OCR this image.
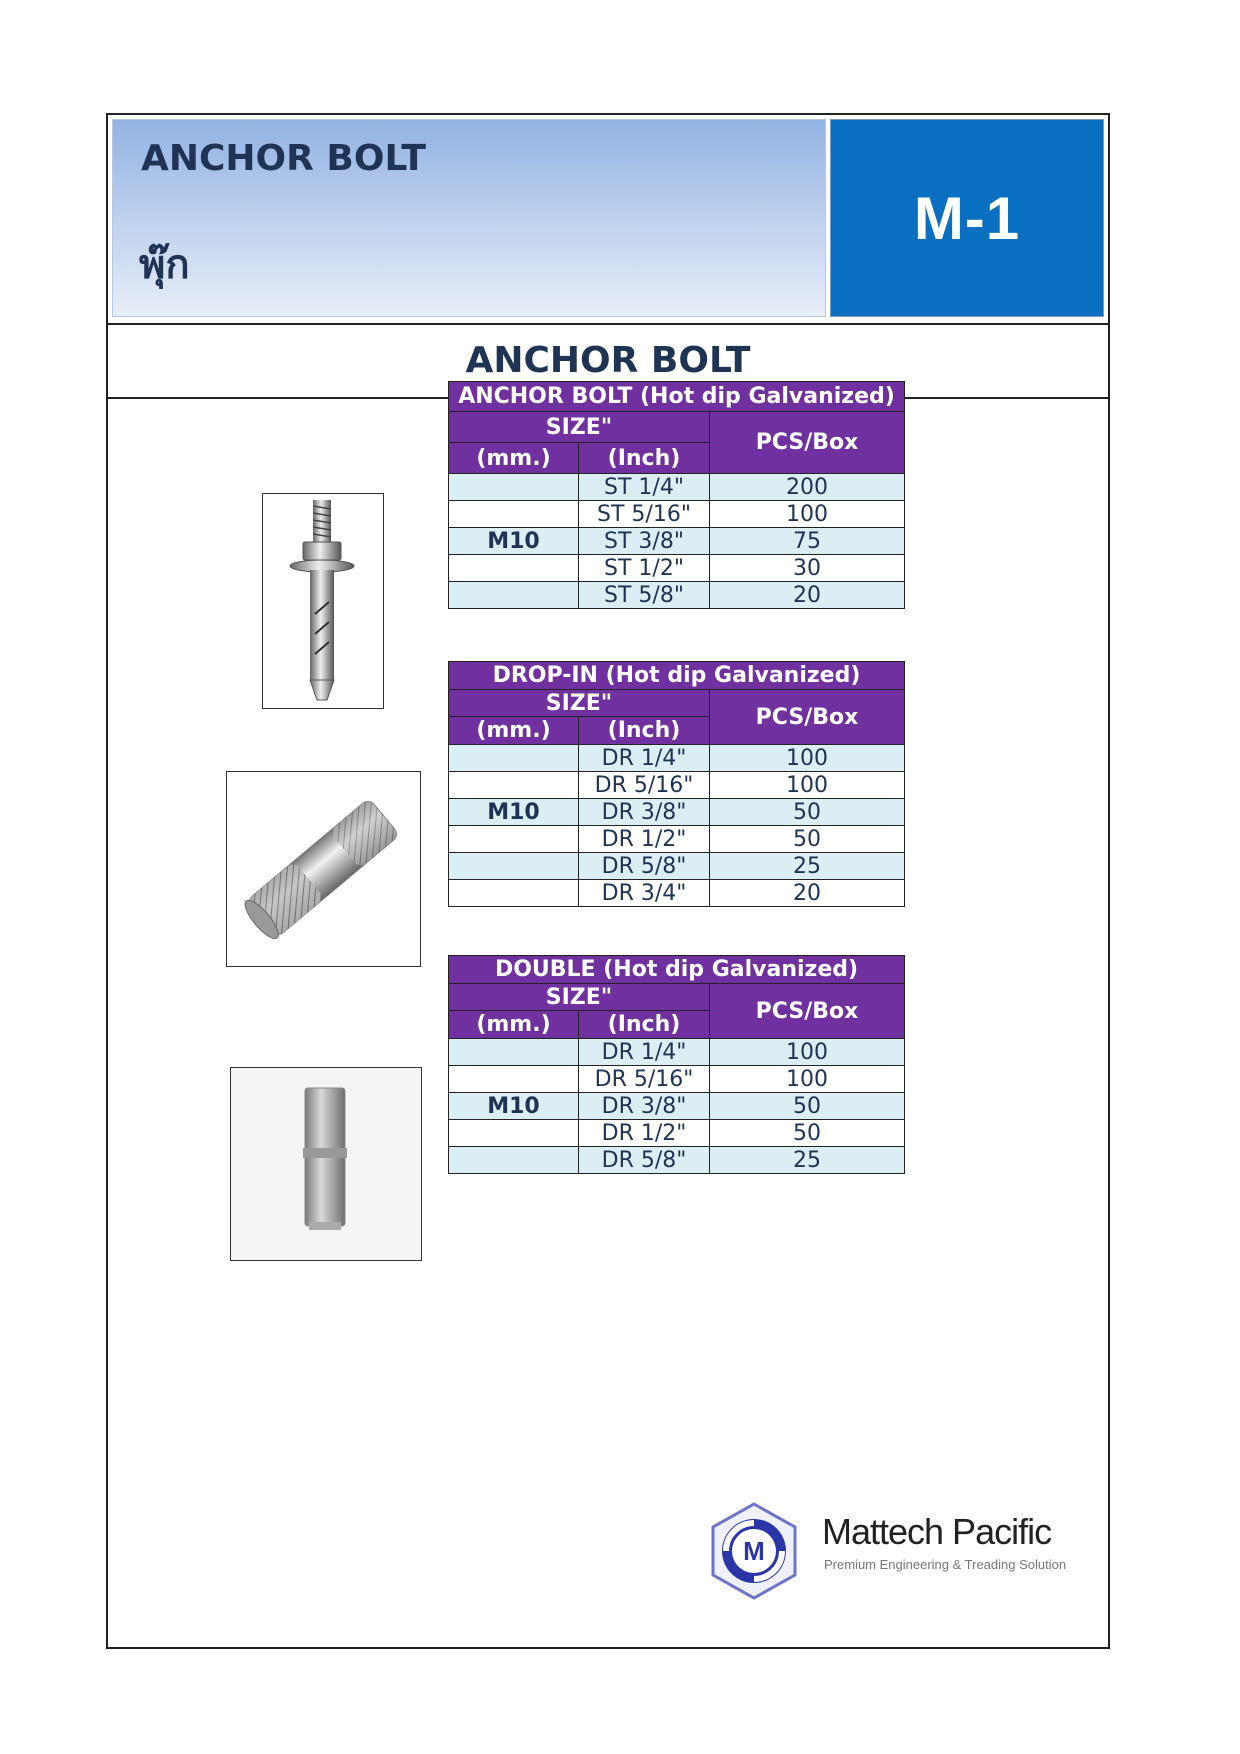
ANCHOR BOLT
พุ๊ก
M-1
ANCHOR BOLT
ANCHOR BOLT (Hot dip Galvanized)		
SIZE"		PCS/Box
(mm.)	(Inch)	
	ST 1/4"	200
	ST 5/16"	100
M10	ST 3/8"	75
	ST 1/2"	30
	ST 5/8"	20
DROP-IN (Hot dip Galvanized)		
SIZE"		PCS/Box
(mm.)	(Inch)	
	DR 1/4"	100
	DR 5/16"	100
M10	DR 3/8"	50
	DR 1/2"	50
	DR 5/8"	25
	DR 3/4"	20
DOUBLE (Hot dip Galvanized)		
SIZE"		PCS/Box
(mm.)	(Inch)	
	DR 1/4"	100
	DR 5/16"	100
M10	DR 3/8"	50
	DR 1/2"	50
	DR 5/8"	25
M Mattech Pacific
Premium Engineering & Treading Solution
